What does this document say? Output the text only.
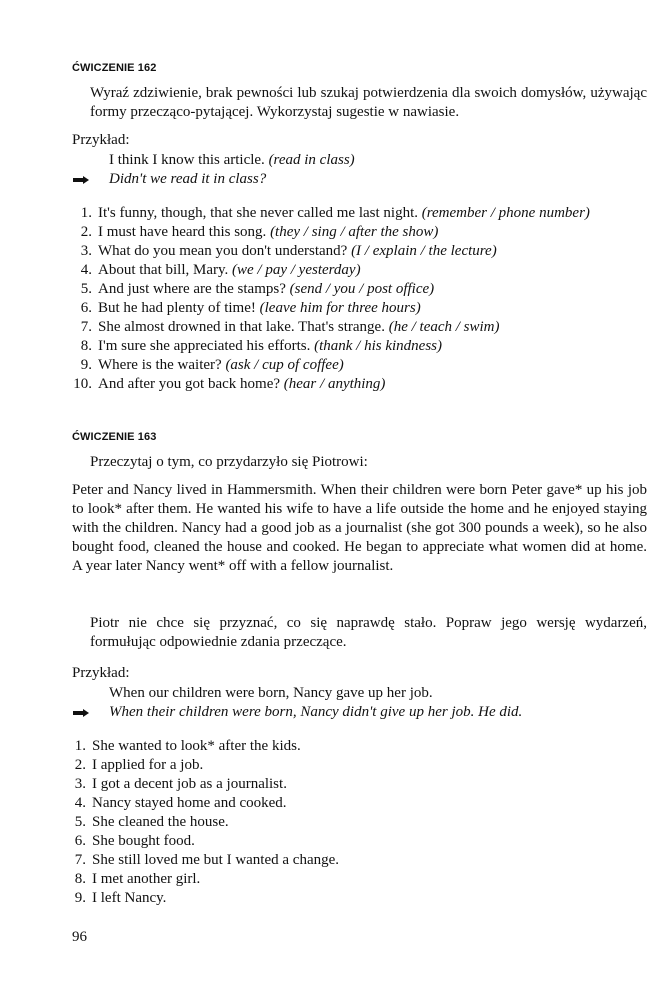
ĆWICZENIE 162
Wyraź zdziwienie, brak pewności lub szukaj potwierdzenia dla swoich domysłów, używając formy przecząco-pytającej. Wykorzystaj sugestie w nawiasie.
Przykład:
I think I know this article. (read in class)
Didn't we read it in class?
1. It's funny, though, that she never called me last night. (remember / phone number)
2. I must have heard this song. (they / sing / after the show)
3. What do you mean you don't understand? (I / explain / the lecture)
4. About that bill, Mary. (we / pay / yesterday)
5. And just where are the stamps? (send / you / post office)
6. But he had plenty of time! (leave him for three hours)
7. She almost drowned in that lake. That's strange. (he / teach / swim)
8. I'm sure she appreciated his efforts. (thank / his kindness)
9. Where is the waiter? (ask / cup of coffee)
10. And after you got back home? (hear / anything)
ĆWICZENIE 163
Przeczytaj o tym, co przydarzyło się Piotrowi:
Peter and Nancy lived in Hammersmith. When their children were born Peter gave* up his job to look* after them. He wanted his wife to have a life outside the home and he enjoyed staying with the children. Nancy had a good job as a journalist (she got 300 pounds a week), so he also bought food, cleaned the house and cooked. He began to appreciate what women did at home. A year later Nancy went* off with a fellow journalist.
Piotr nie chce się przyznać, co się naprawdę stało. Popraw jego wersję wydarzeń, formułując odpowiednie zdania przeczące.
Przykład:
When our children were born, Nancy gave up her job.
When their children were born, Nancy didn't give up her job. He did.
1. She wanted to look* after the kids.
2. I applied for a job.
3. I got a decent job as a journalist.
4. Nancy stayed home and cooked.
5. She cleaned the house.
6. She bought food.
7. She still loved me but I wanted a change.
8. I met another girl.
9. I left Nancy.
96
